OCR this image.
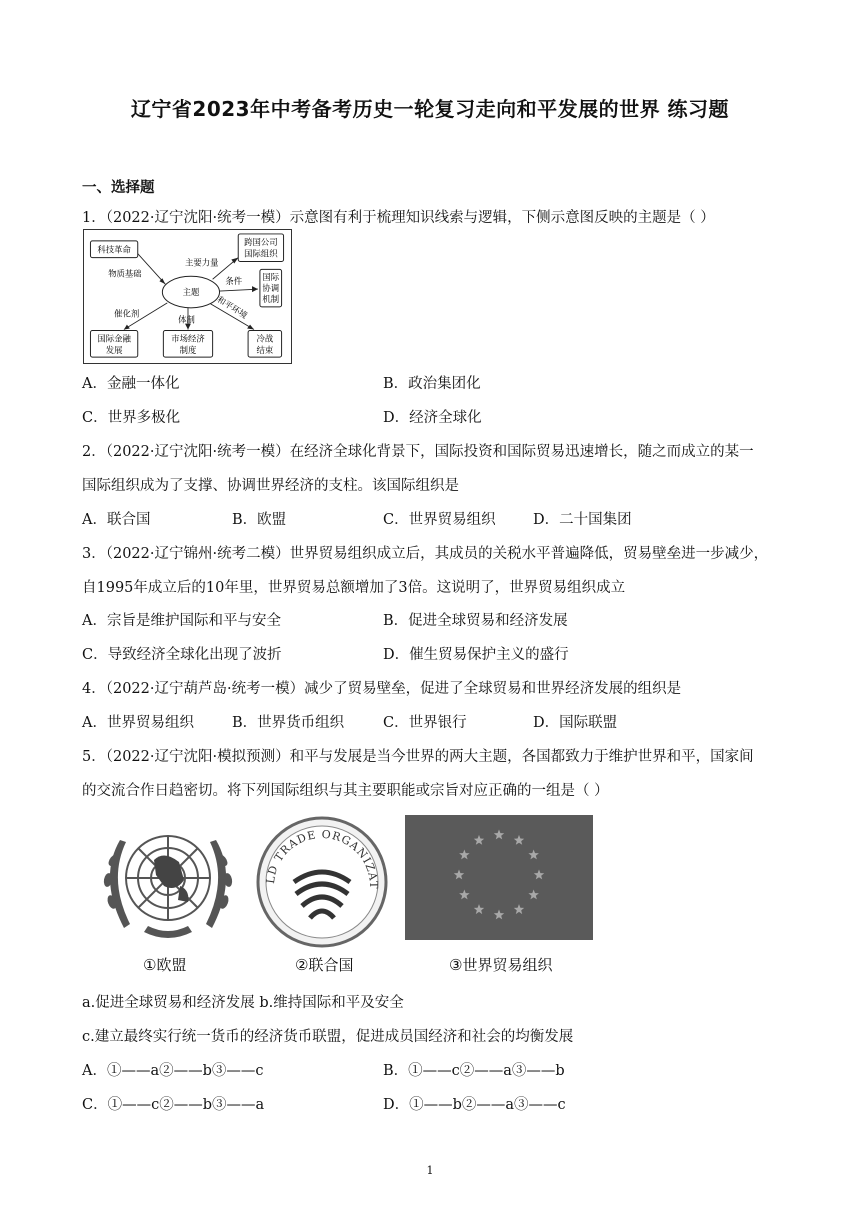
辽宁省2023年中考备考历史一轮复习走向和平发展的世界 练习题
一、选择题
1．（2022·辽宁沈阳·统考一模）示意图有利于梳理知识线索与逻辑，下侧示意图反映的主题是（ ）
主题
科技革命
跨国公司
国际组织
国际
协调
机制
国际金融
发展
市场经济
制度
冷战
结束
物质基础
主要力量
条件
催化剂
体制 和平环境
A．金融一体化	B．政治集团化
C．世界多极化	D．经济全球化
2．（2022·辽宁沈阳·统考一模）在经济全球化背景下，国际投资和国际贸易迅速增长，随之而成立的某一
国际组织成为了支撑、协调世界经济的支柱。该国际组织是
A．联合国	B．欧盟	C．世界贸易组织	D．二十国集团
3．（2022·辽宁锦州·统考二模）世界贸易组织成立后，其成员的关税水平普遍降低，贸易壁垒进一步减少，
自1995年成立后的10年里，世界贸易总额增加了3倍。这说明了，世界贸易组织成立
A．宗旨是维护国际和平与安全	B．促进全球贸易和经济发展
C．导致经济全球化出现了波折	D．催生贸易保护主义的盛行
4．（2022·辽宁葫芦岛·统考一模）减少了贸易壁垒，促进了全球贸易和世界经济发展的组织是
A．世界贸易组织	B．世界货币组织	C．世界银行	D．国际联盟
5．（2022·辽宁沈阳·模拟预测）和平与发展是当今世界的两大主题，各国都致力于维护世界和平，国家间
的交流合作日趋密切。将下列国际组织与其主要职能或宗旨对应正确的一组是（ ）
LD TRADE ORGANIZAT
①欧盟	②联合国	③世界贸易组织
a.促进全球贸易和经济发展 b.维持国际和平及安全
c.建立最终实行统一货币的经济货币联盟，促进成员国经济和社会的均衡发展
A．①——a②——b③——c	B．①——c②——a③——b
C．①——c②——b③——a	D．①——b②——a③——c
1
